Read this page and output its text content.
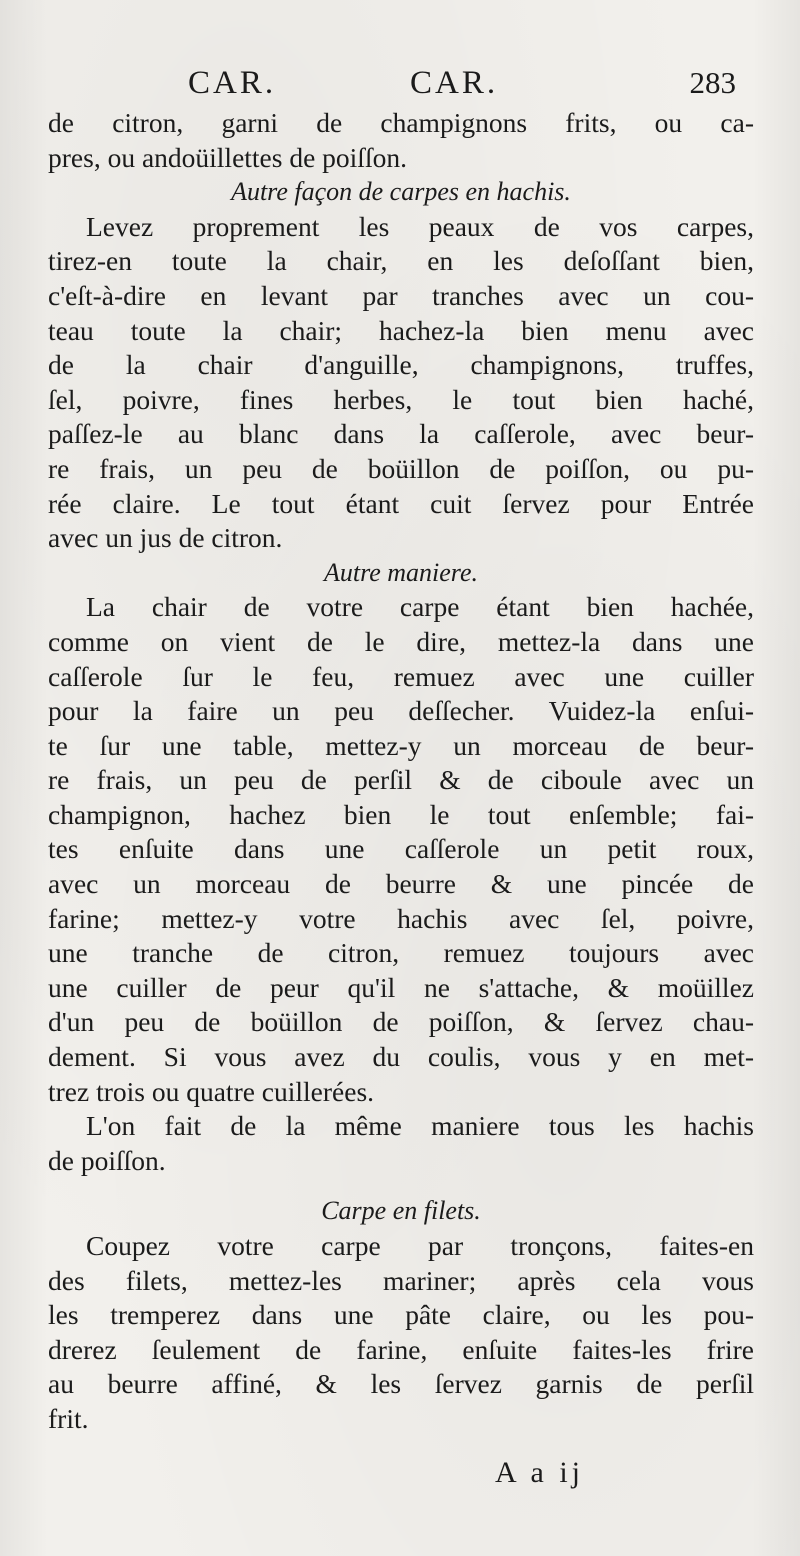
CAR.	CAR.	283
de citron, garni de champignons frits, ou ca-
pres, ou andoüillettes de poiſſon.
Autre façon de carpes en hachis.
Levez proprement les peaux de vos carpes,
tirez-en toute la chair, en les deſoſſant bien,
c'eſt-à-dire en levant par tranches avec un cou-
teau toute la chair; hachez-la bien menu avec
de la chair d'anguille, champignons, truffes,
ſel, poivre, fines herbes, le tout bien haché,
paſſez-le au blanc dans la caſſerole, avec beur-
re frais, un peu de boüillon de poiſſon, ou pu-
rée claire. Le tout étant cuit ſervez pour Entrée
avec un jus de citron.
Autre maniere.
La chair de votre carpe étant bien hachée,
comme on vient de le dire, mettez-la dans une
caſſerole ſur le feu, remuez avec une cuiller
pour la faire un peu deſſecher. Vuidez-la enſui-
te ſur une table, mettez-y un morceau de beur-
re frais, un peu de perſil & de ciboule avec un
champignon, hachez bien le tout enſemble; fai-
tes enſuite dans une caſſerole un petit roux,
avec un morceau de beurre & une pincée de
farine; mettez-y votre hachis avec ſel, poivre,
une tranche de citron, remuez toujours avec
une cuiller de peur qu'il ne s'attache, & moüillez
d'un peu de boüillon de poiſſon, & ſervez chau-
dement. Si vous avez du coulis, vous y en met-
trez trois ou quatre cuillerées.
L'on fait de la même maniere tous les hachis
de poiſſon.
Carpe en filets.
Coupez votre carpe par tronçons, faites-en
des filets, mettez-les mariner; après cela vous
les tremperez dans une pâte claire, ou les pou-
drerez ſeulement de farine, enſuite faites-les frire
au beurre affiné, & les ſervez garnis de perſil
frit.
A a ij
